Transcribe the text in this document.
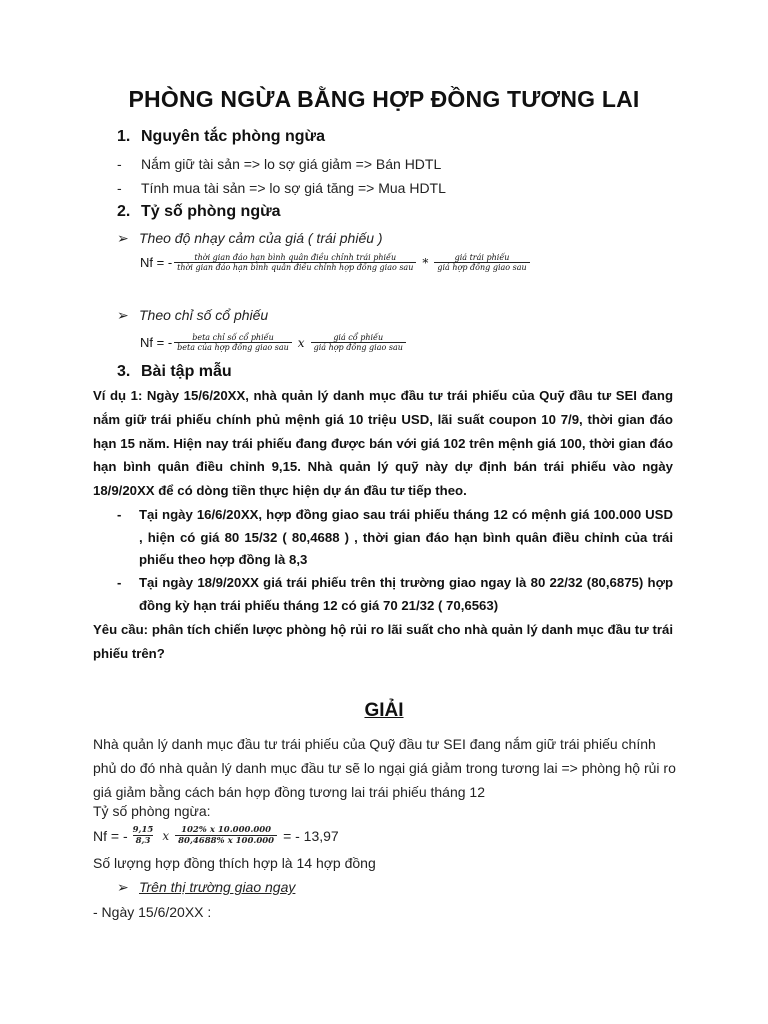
PHÒNG NGỪA BẰNG HỢP ĐỒNG TƯƠNG LAI
1. Nguyên tắc phòng ngừa
- Nắm giữ tài sản => lo sợ giá giảm => Bán HDTL
- Tính mua tài sản => lo sợ giá tăng => Mua HDTL
2. Tỷ số phòng ngừa
➢ Theo độ nhạy cảm của giá ( trái phiếu )
Nf = - $\frac{\text{thời gian đáo hạn bình quân điều chỉnh trái phiếu}}{\text{thời gian đáo hạn bình quân điều chỉnh hợp đồng giao sau}} * \frac{\text{giá trái phiếu}}{\text{giá hợp đồng giao sau}}$
➢ Theo chỉ số cổ phiếu
Nf = - $\frac{\text{beta chỉ số cổ phiếu}}{\text{beta của hợp đồng giao sau}}$ x $\frac{\text{giá cổ phiếu}}{\text{giá hợp đồng giao sau}}$
3. Bài tập mẫu
Ví dụ 1: Ngày 15/6/20XX, nhà quản lý danh mục đầu tư trái phiếu của Quỹ đầu tư SEI đang nắm giữ trái phiếu chính phủ mệnh giá 10 triệu USD, lãi suất coupon 10 7/9, thời gian đáo hạn 15 năm. Hiện nay trái phiếu đang được bán với giá 102 trên mệnh giá 100, thời gian đáo hạn bình quân điều chỉnh 9,15. Nhà quản lý quỹ này dự định bán trái phiếu vào ngày 18/9/20XX để có dòng tiền thực hiện dự án đầu tư tiếp theo.
- Tại ngày 16/6/20XX, hợp đồng giao sau trái phiếu tháng 12 có mệnh giá 100.000 USD , hiện có giá 80 15/32 ( 80,4688 ) , thời gian đáo hạn bình quân điều chỉnh của trái phiếu theo hợp đồng là 8,3
- Tại ngày 18/9/20XX giá trái phiếu trên thị trường giao ngay là 80 22/32 (80,6875) hợp đồng kỳ hạn trái phiếu tháng 12 có giá 70 21/32 ( 70,6563)
Yêu cầu: phân tích chiến lược phòng hộ rủi ro lãi suất cho nhà quản lý danh mục đầu tư trái phiếu trên?
GIẢI
Nhà quản lý danh mục đầu tư trái phiếu của Quỹ đầu tư SEI đang nắm giữ trái phiếu chính phủ do đó nhà quản lý danh mục đầu tư sẽ lo ngại giá giảm trong tương lai => phòng hộ rủi ro giá giảm bằng cách bán hợp đồng tương lai trái phiếu tháng 12
Tỷ số phòng ngừa:
Nf = - $\frac{9,15}{8,3}$ x $\frac{102\% x 10.000.000}{80,4688\% x 100.000}$ = - 13,97
Số lượng hợp đồng thích hợp là 14 hợp đồng
➢ Trên thị trường giao ngay
- Ngày 15/6/20XX :
